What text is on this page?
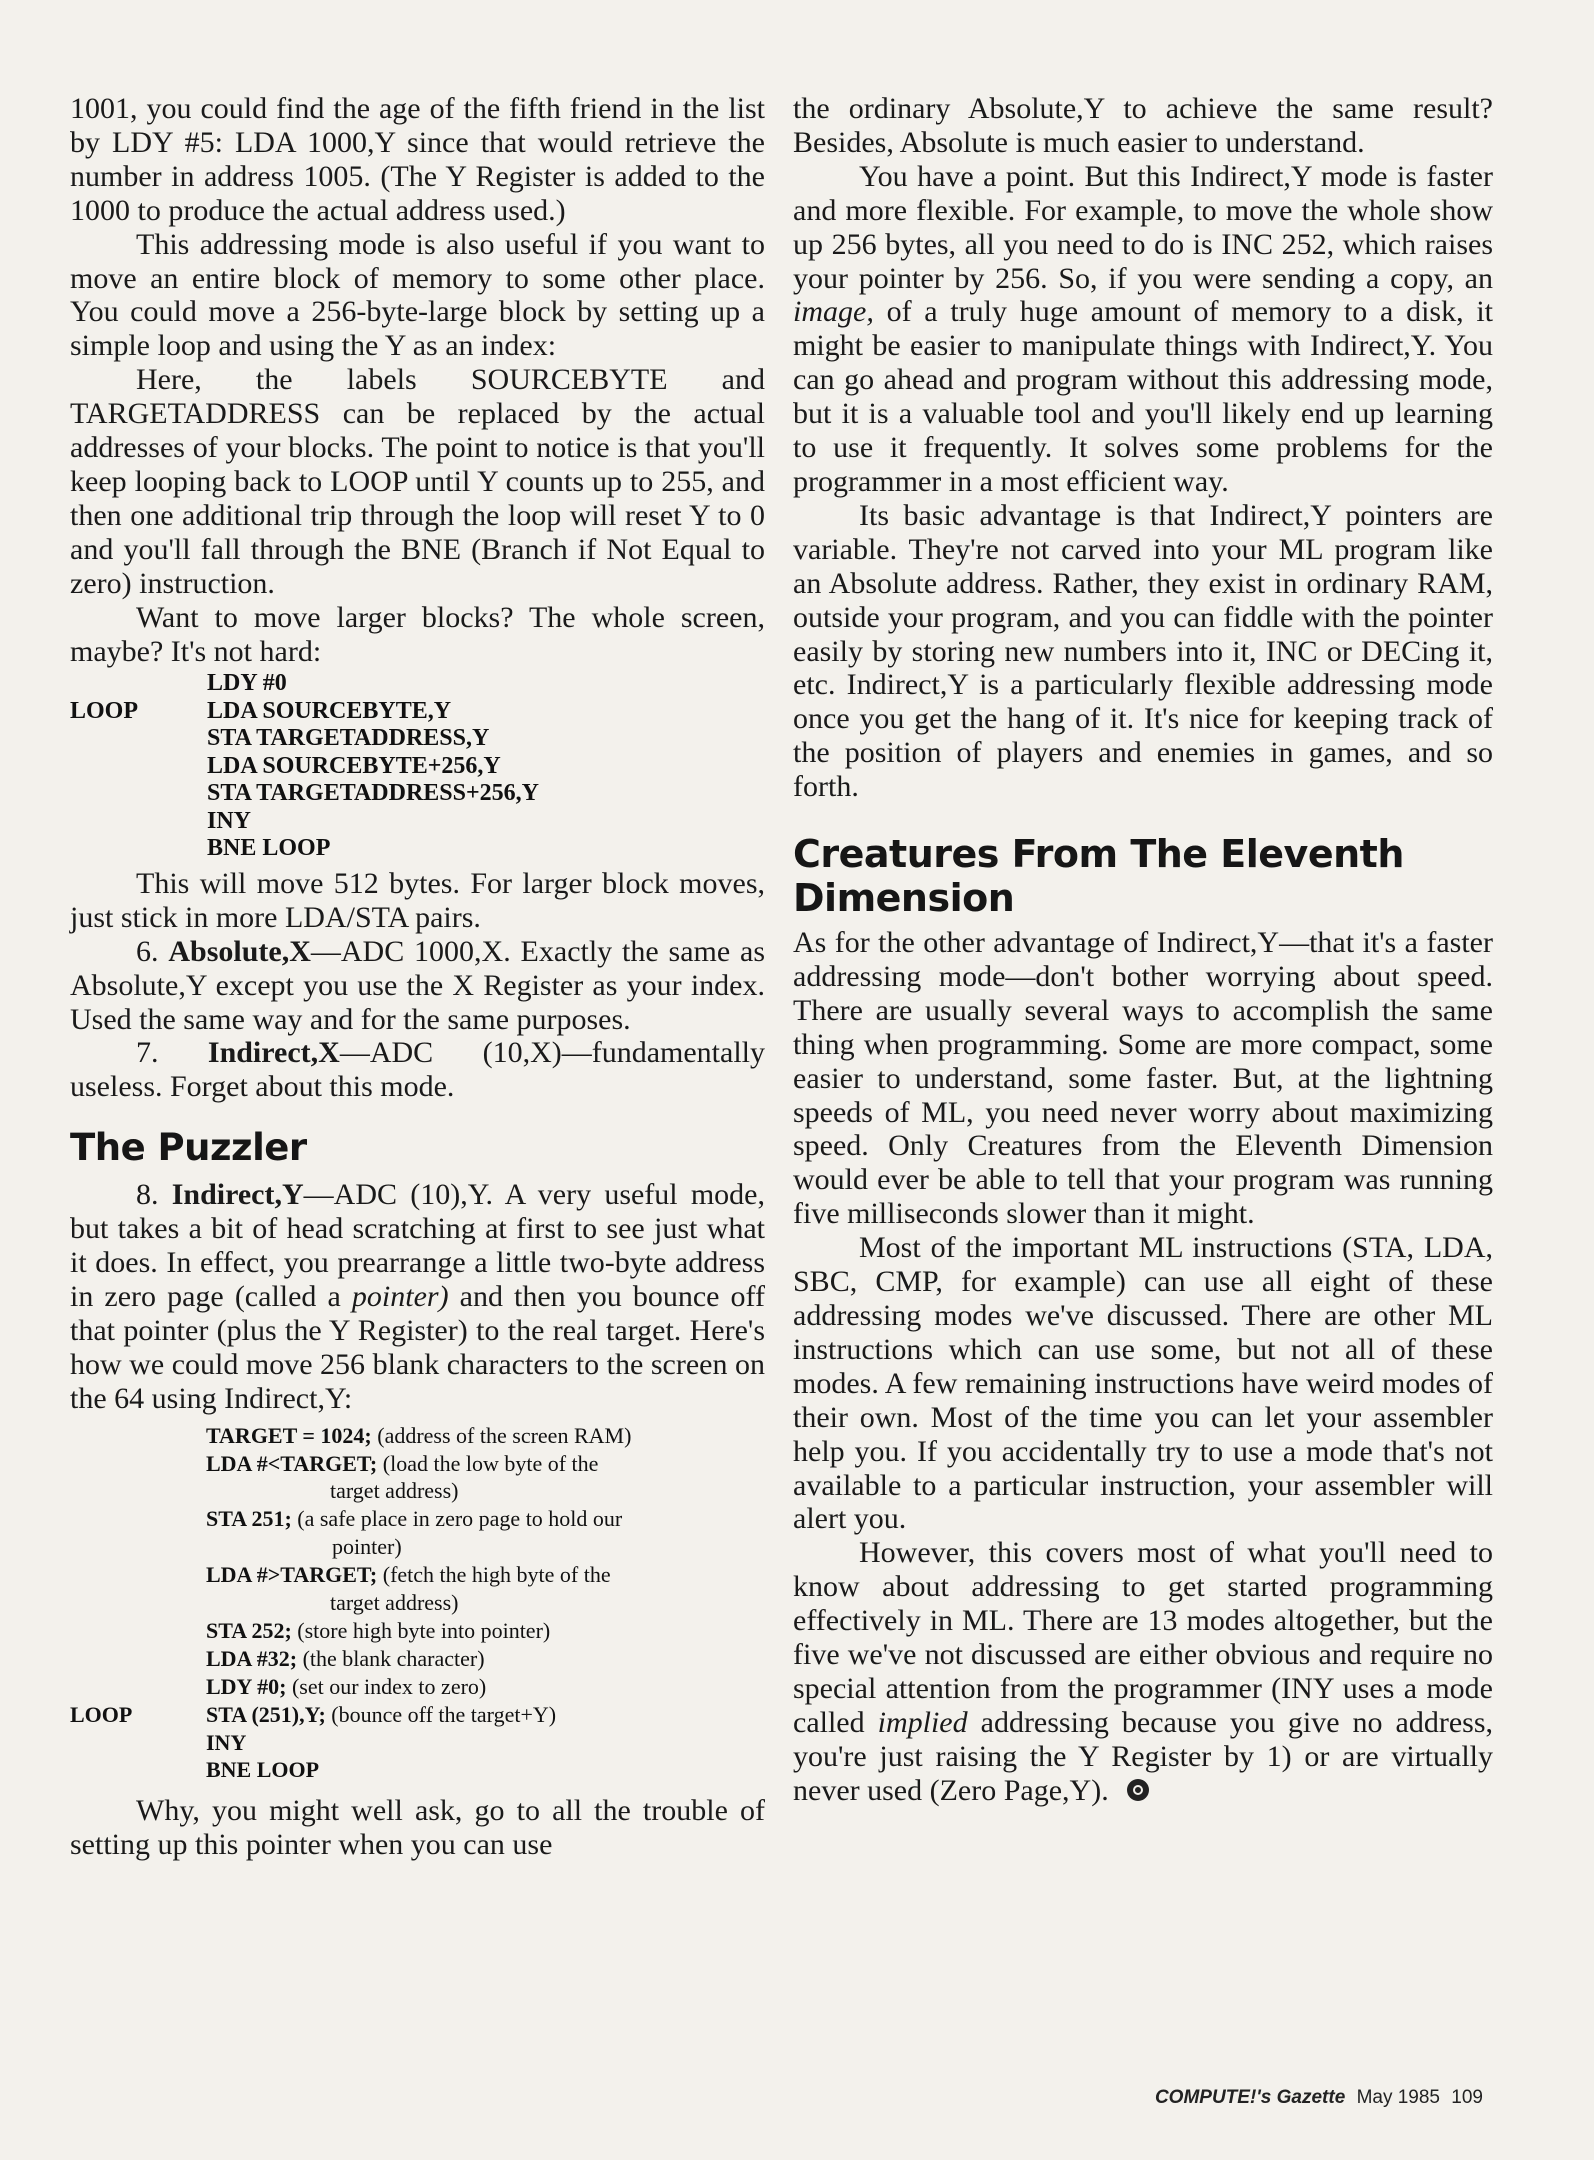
1001, you could find the age of the fifth friend in the list by LDY #5: LDA 1000,Y since that would retrieve the number in address 1005. (The Y Register is added to the 1000 to produce the actual address used.)

This addressing mode is also useful if you want to move an entire block of memory to some other place. You could move a 256-byte-large block by setting up a simple loop and using the Y as an index:

Here, the labels SOURCEBYTE and TARGETADDRESS can be replaced by the actual addresses of your blocks. The point to notice is that you'll keep looping back to LOOP until Y counts up to 255, and then one additional trip through the loop will reset Y to 0 and you'll fall through the BNE (Branch if Not Equal to zero) instruction.

Want to move larger blocks? The whole screen, maybe? It's not hard:

LDY #0
LOOP	LDA SOURCEBYTE,Y
STA TARGETADDRESS,Y
LDA SOURCEBYTE+256,Y
STA TARGETADDRESS+256,Y
INY
BNE LOOP

This will move 512 bytes. For larger block moves, just stick in more LDA/STA pairs.

6. Absolute,X—ADC 1000,X. Exactly the same as Absolute,Y except you use the X Register as your index. Used the same way and for the same purposes.

7. Indirect,X—ADC (10,X)—fundamentally useless. Forget about this mode.

The Puzzler

8. Indirect,Y—ADC (10),Y. A very useful mode, but takes a bit of head scratching at first to see just what it does. In effect, you prearrange a little two-byte address in zero page (called a pointer) and then you bounce off that pointer (plus the Y Register) to the real target. Here's how we could move 256 blank characters to the screen on the 64 using Indirect,Y:

TARGET = 1024; (address of the screen RAM)
LDA #<TARGET; (load the low byte of the
target address)
STA 251; (a safe place in zero page to hold our
pointer)
LDA #>TARGET; (fetch the high byte of the
target address)
STA 252; (store high byte into pointer)
LDA #32; (the blank character)
LDY #0; (set our index to zero)
LOOP	STA (251),Y; (bounce off the target+Y)
INY
BNE LOOP

Why, you might well ask, go to all the trouble of setting up this pointer when you can use

the ordinary Absolute,Y to achieve the same result? Besides, Absolute is much easier to understand.

You have a point. But this Indirect,Y mode is faster and more flexible. For example, to move the whole show up 256 bytes, all you need to do is INC 252, which raises your pointer by 256. So, if you were sending a copy, an image, of a truly huge amount of memory to a disk, it might be easier to manipulate things with Indirect,Y. You can go ahead and program without this addressing mode, but it is a valuable tool and you'll likely end up learning to use it frequently. It solves some problems for the programmer in a most efficient way.

Its basic advantage is that Indirect,Y pointers are variable. They're not carved into your ML program like an Absolute address. Rather, they exist in ordinary RAM, outside your program, and you can fiddle with the pointer easily by storing new numbers into it, INC or DECing it, etc. Indirect,Y is a particularly flexible addressing mode once you get the hang of it. It's nice for keeping track of the position of players and enemies in games, and so forth.

Creatures From The Eleventh Dimension

As for the other advantage of Indirect,Y—that it's a faster addressing mode—don't bother worrying about speed. There are usually several ways to accomplish the same thing when programming. Some are more compact, some easier to understand, some faster. But, at the lightning speeds of ML, you need never worry about maximizing speed. Only Creatures from the Eleventh Dimension would ever be able to tell that your program was running five milliseconds slower than it might.

Most of the important ML instructions (STA, LDA, SBC, CMP, for example) can use all eight of these addressing modes we've discussed. There are other ML instructions which can use some, but not all of these modes. A few remaining instructions have weird modes of their own. Most of the time you can let your assembler help you. If you accidentally try to use a mode that's not available to a particular instruction, your assembler will alert you.

However, this covers most of what you'll need to know about addressing to get started programming effectively in ML. There are 13 modes altogether, but the five we've not discussed are either obvious and require no special attention from the programmer (INY uses a mode called implied addressing because you give no address, you're just raising the Y Register by 1) or are virtually never used (Zero Page,Y).

COMPUTE!'s Gazette May 1985 109
